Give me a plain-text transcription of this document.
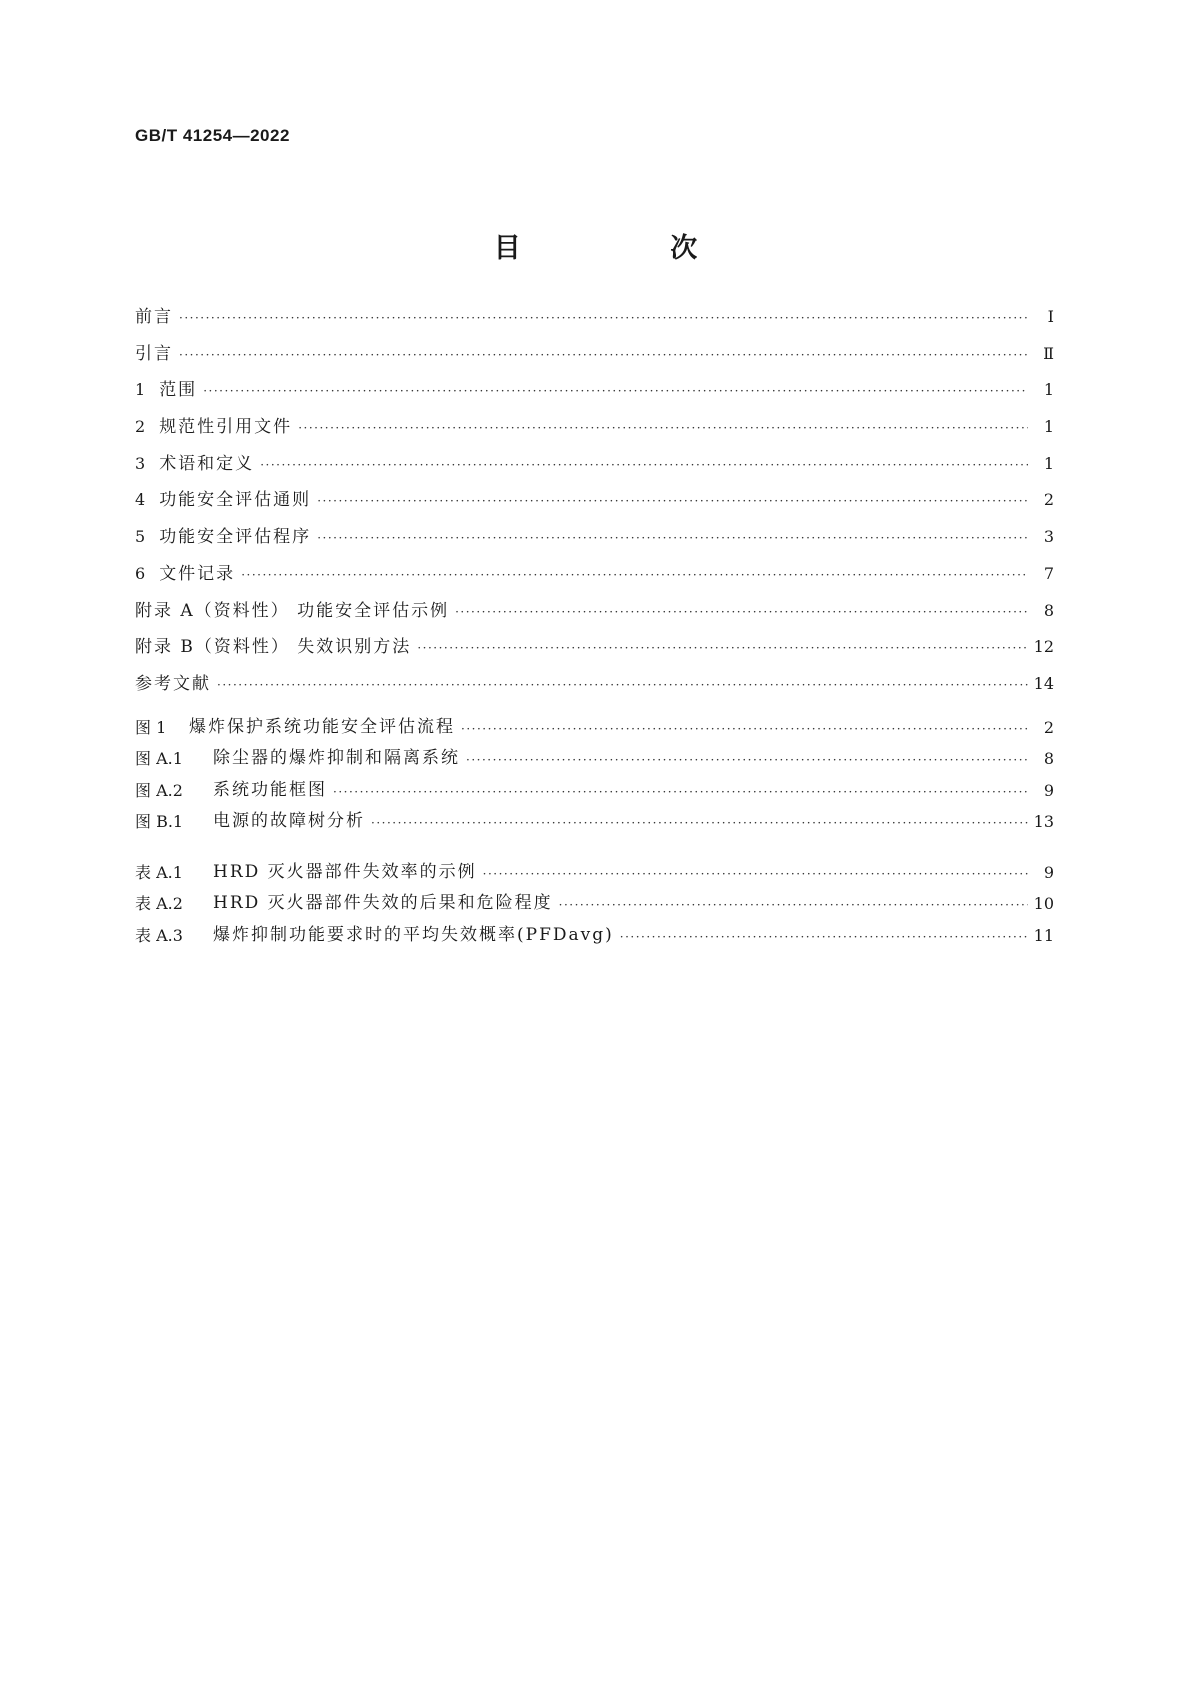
GB/T 41254—2022
目 次
前言 ·····	Ⅰ
引言 ·····	Ⅱ
1 范围 ·····	1
2 规范性引用文件 ·····	1
3 术语和定义 ·····	1
4 功能安全评估通则 ·····	2
5 功能安全评估程序 ·····	3
6 文件记录 ·····	7
附录 A（资料性） 功能安全评估示例 ·····	8
附录 B（资料性） 失效识别方法 ·····	12
参考文献 ·····	14
图 1 爆炸保护系统功能安全评估流程 ·····	2
图 A.1	除尘器的爆炸抑制和隔离系统 ·····	8
图 A.2	系统功能框图 ·····	9
图 B.1	电源的故障树分析 ·····	13
表 A.1	HRD 灭火器部件失效率的示例 ·····	9
表 A.2	HRD 灭火器部件失效的后果和危险程度 ·····	10
表 A.3	爆炸抑制功能要求时的平均失效概率(PFDavg) ·····	11
